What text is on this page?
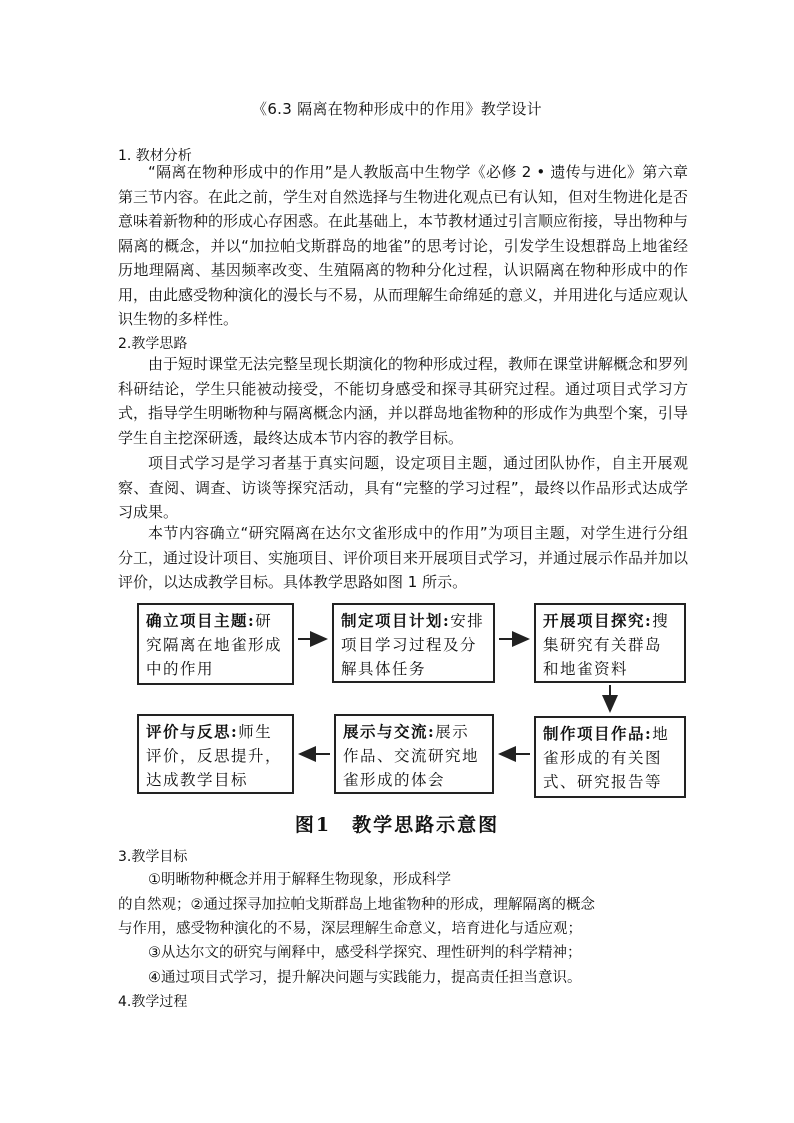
《6.3 隔离在物种形成中的作用》教学设计
1. 教材分析

“隔离在物种形成中的作用”是人教版高中生物学《必修 2 • 遗传与进化》第六章第三节内容。在此之前，学生对自然选择与生物进化观点已有认知，但对生物进化是否意味着新物种的形成心存困惑。在此基础上，本节教材通过引言顺应衔接，导出物种与隔离的概念，并以“加拉帕戈斯群岛的地雀”的思考讨论，引发学生设想群岛上地雀经历地理隔离、基因频率改变、生殖隔离的物种分化过程，认识隔离在物种形成中的作用，由此感受物种演化的漫长与不易，从而理解生命绵延的意义，并用进化与适应观认识生物的多样性。

2.教学思路

由于短时课堂无法完整呈现长期演化的物种形成过程，教师在课堂讲解概念和罗列科研结论，学生只能被动接受，不能切身感受和探寻其研究过程。通过项目式学习方式，指导学生明晰物种与隔离概念内涵，并以群岛地雀物种的形成作为典型个案，引导学生自主挖深研透，最终达成本节内容的教学目标。

项目式学习是学习者基于真实问题，设定项目主题，通过团队协作，自主开展观察、查阅、调查、访谈等探究活动，具有“完整的学习过程”，最终以作品形式达成学习成果。

本节内容确立“研究隔离在达尔文雀形成中的作用”为项目主题，对学生进行分组分工，通过设计项目、实施项目、评价项目来开展项目式学习，并通过展示作品并加以评价，以达成教学目标。具体教学思路如图 1 所示。

确立项目主题:研究隔离在地雀形成中的作用
制定项目计划:安排项目学习过程及分解具体任务
开展项目探究:搜集研究有关群岛和地雀资料
制作项目作品:地雀形成的有关图式、研究报告等
展示与交流:展示作品、交流研究地雀形成的体会
评价与反思:师生评价，反思提升，达成教学目标
图1　教学思路示意图
3.教学目标
①明晰物种概念并用于解释生物现象，形成科学
的自然观；②通过探寻加拉帕戈斯群岛上地雀物种的形成，理解隔离的概念
与作用，感受物种演化的不易，深层理解生命意义，培育进化与适应观；
③从达尔文的研究与阐释中，感受科学探究、理性研判的科学精神；
④通过项目式学习，提升解决问题与实践能力，提高责任担当意识。
4.教学过程
